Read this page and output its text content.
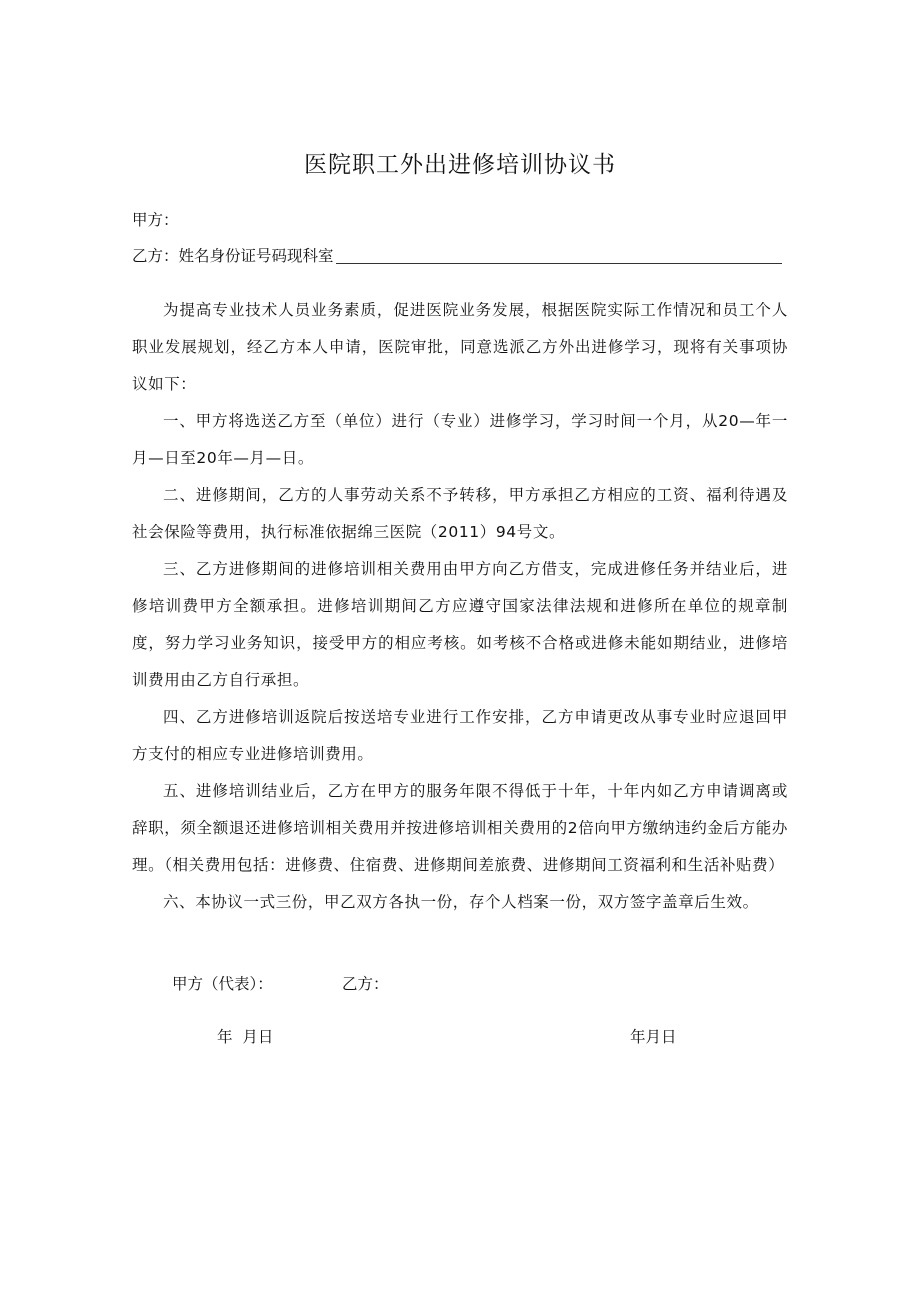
医院职工外出进修培训协议书
甲方：
乙方：姓名身份证号码现科室

为提高专业技术人员业务素质，促进医院业务发展，根据医院实际工作情况和员工个人职业发展规划，经乙方本人申请，医院审批，同意选派乙方外出进修学习，现将有关事项协议如下：

一、甲方将选送乙方至（单位）进行（专业）进修学习，学习时间一个月，从20—年一月—日至20年—月—日。

二、进修期间，乙方的人事劳动关系不予转移，甲方承担乙方相应的工资、福利待遇及社会保险等费用，执行标准依据绵三医院（2011）94号文。

三、乙方进修期间的进修培训相关费用由甲方向乙方借支，完成进修任务并结业后，进修培训费甲方全额承担。进修培训期间乙方应遵守国家法律法规和进修所在单位的规章制度，努力学习业务知识，接受甲方的相应考核。如考核不合格或进修未能如期结业，进修培训费用由乙方自行承担。

四、乙方进修培训返院后按送培专业进行工作安排，乙方申请更改从事专业时应退回甲方支付的相应专业进修培训费用。

五、进修培训结业后，乙方在甲方的服务年限不得低于十年，十年内如乙方申请调离或辞职，须全额退还进修培训相关费用并按进修培训相关费用的2倍向甲方缴纳违约金后方能办理。（相关费用包括：进修费、住宿费、进修期间差旅费、进修期间工资福利和生活补贴费）

六、本协议一式三份，甲乙双方各执一份，存个人档案一份，双方签字盖章后生效。

甲方（代表）：	乙方：
年  月日	年月日
